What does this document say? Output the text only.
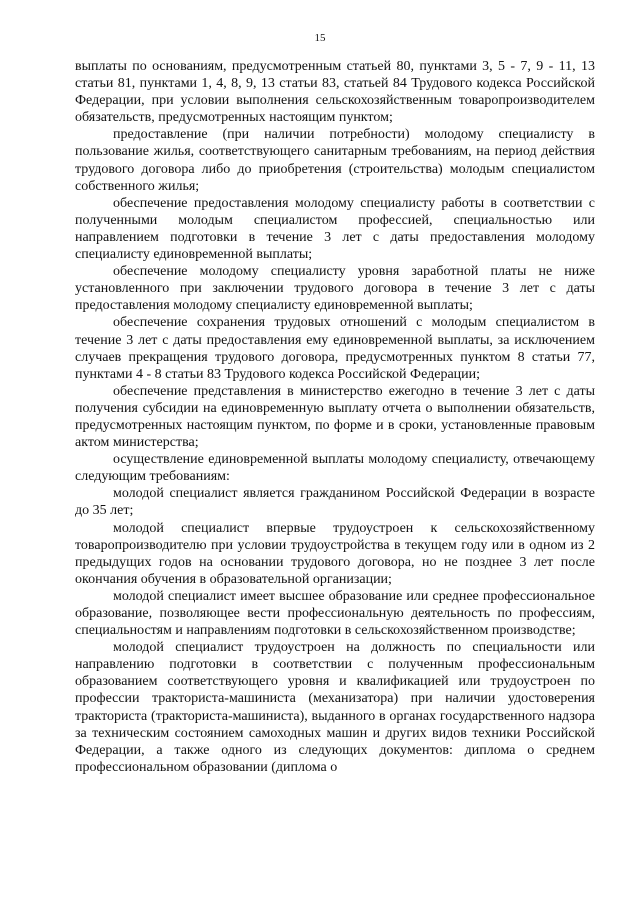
15

выплаты по основаниям, предусмотренным статьей 80, пунктами 3, 5 - 7, 9 - 11, 13 статьи 81, пунктами 1, 4, 8, 9, 13 статьи 83, статьей 84 Трудового кодекса Российской Федерации, при условии выполнения сельскохозяйственным товаропроизводителем обязательств, предусмотренных настоящим пунктом;

предоставление (при наличии потребности) молодому специалисту в пользование жилья, соответствующего санитарным требованиям, на период действия трудового договора либо до приобретения (строительства) молодым специалистом собственного жилья;

обеспечение предоставления молодому специалисту работы в соответствии с полученными молодым специалистом профессией, специальностью или направлением подготовки в течение 3 лет с даты предоставления молодому специалисту единовременной выплаты;

обеспечение молодому специалисту уровня заработной платы не ниже установленного при заключении трудового договора в течение 3 лет с даты предоставления молодому специалисту единовременной выплаты;

обеспечение сохранения трудовых отношений с молодым специалистом в течение 3 лет с даты предоставления ему единовременной выплаты, за исключением случаев прекращения трудового договора, предусмотренных пунктом 8 статьи 77, пунктами 4 - 8 статьи 83 Трудового кодекса Российской Федерации;

обеспечение представления в министерство ежегодно в течение 3 лет с даты получения субсидии на единовременную выплату отчета о выполнении обязательств, предусмотренных настоящим пунктом, по форме и в сроки, установленные правовым актом министерства;

осуществление единовременной выплаты молодому специалисту, отвечающему следующим требованиям:

молодой специалист является гражданином Российской Федерации в возрасте до 35 лет;

молодой специалист впервые трудоустроен к сельскохозяйственному товаропроизводителю при условии трудоустройства в текущем году или в одном из 2 предыдущих годов на основании трудового договора, но не позднее 3 лет после окончания обучения в образовательной организации;

молодой специалист имеет высшее образование или среднее профессиональное образование, позволяющее вести профессиональную деятельность по профессиям, специальностям и направлениям подготовки в сельскохозяйственном производстве;

молодой специалист трудоустроен на должность по специальности или направлению подготовки в соответствии с полученным профессиональным образованием соответствующего уровня и квалификацией или трудоустроен по профессии тракториста-машиниста (механизатора) при наличии удостоверения тракториста (тракториста-машиниста), выданного в органах государственного надзора за техническим состоянием самоходных машин и других видов техники Российской Федерации, а также одного из следующих документов: диплома о среднем профессиональном образовании (диплома о
